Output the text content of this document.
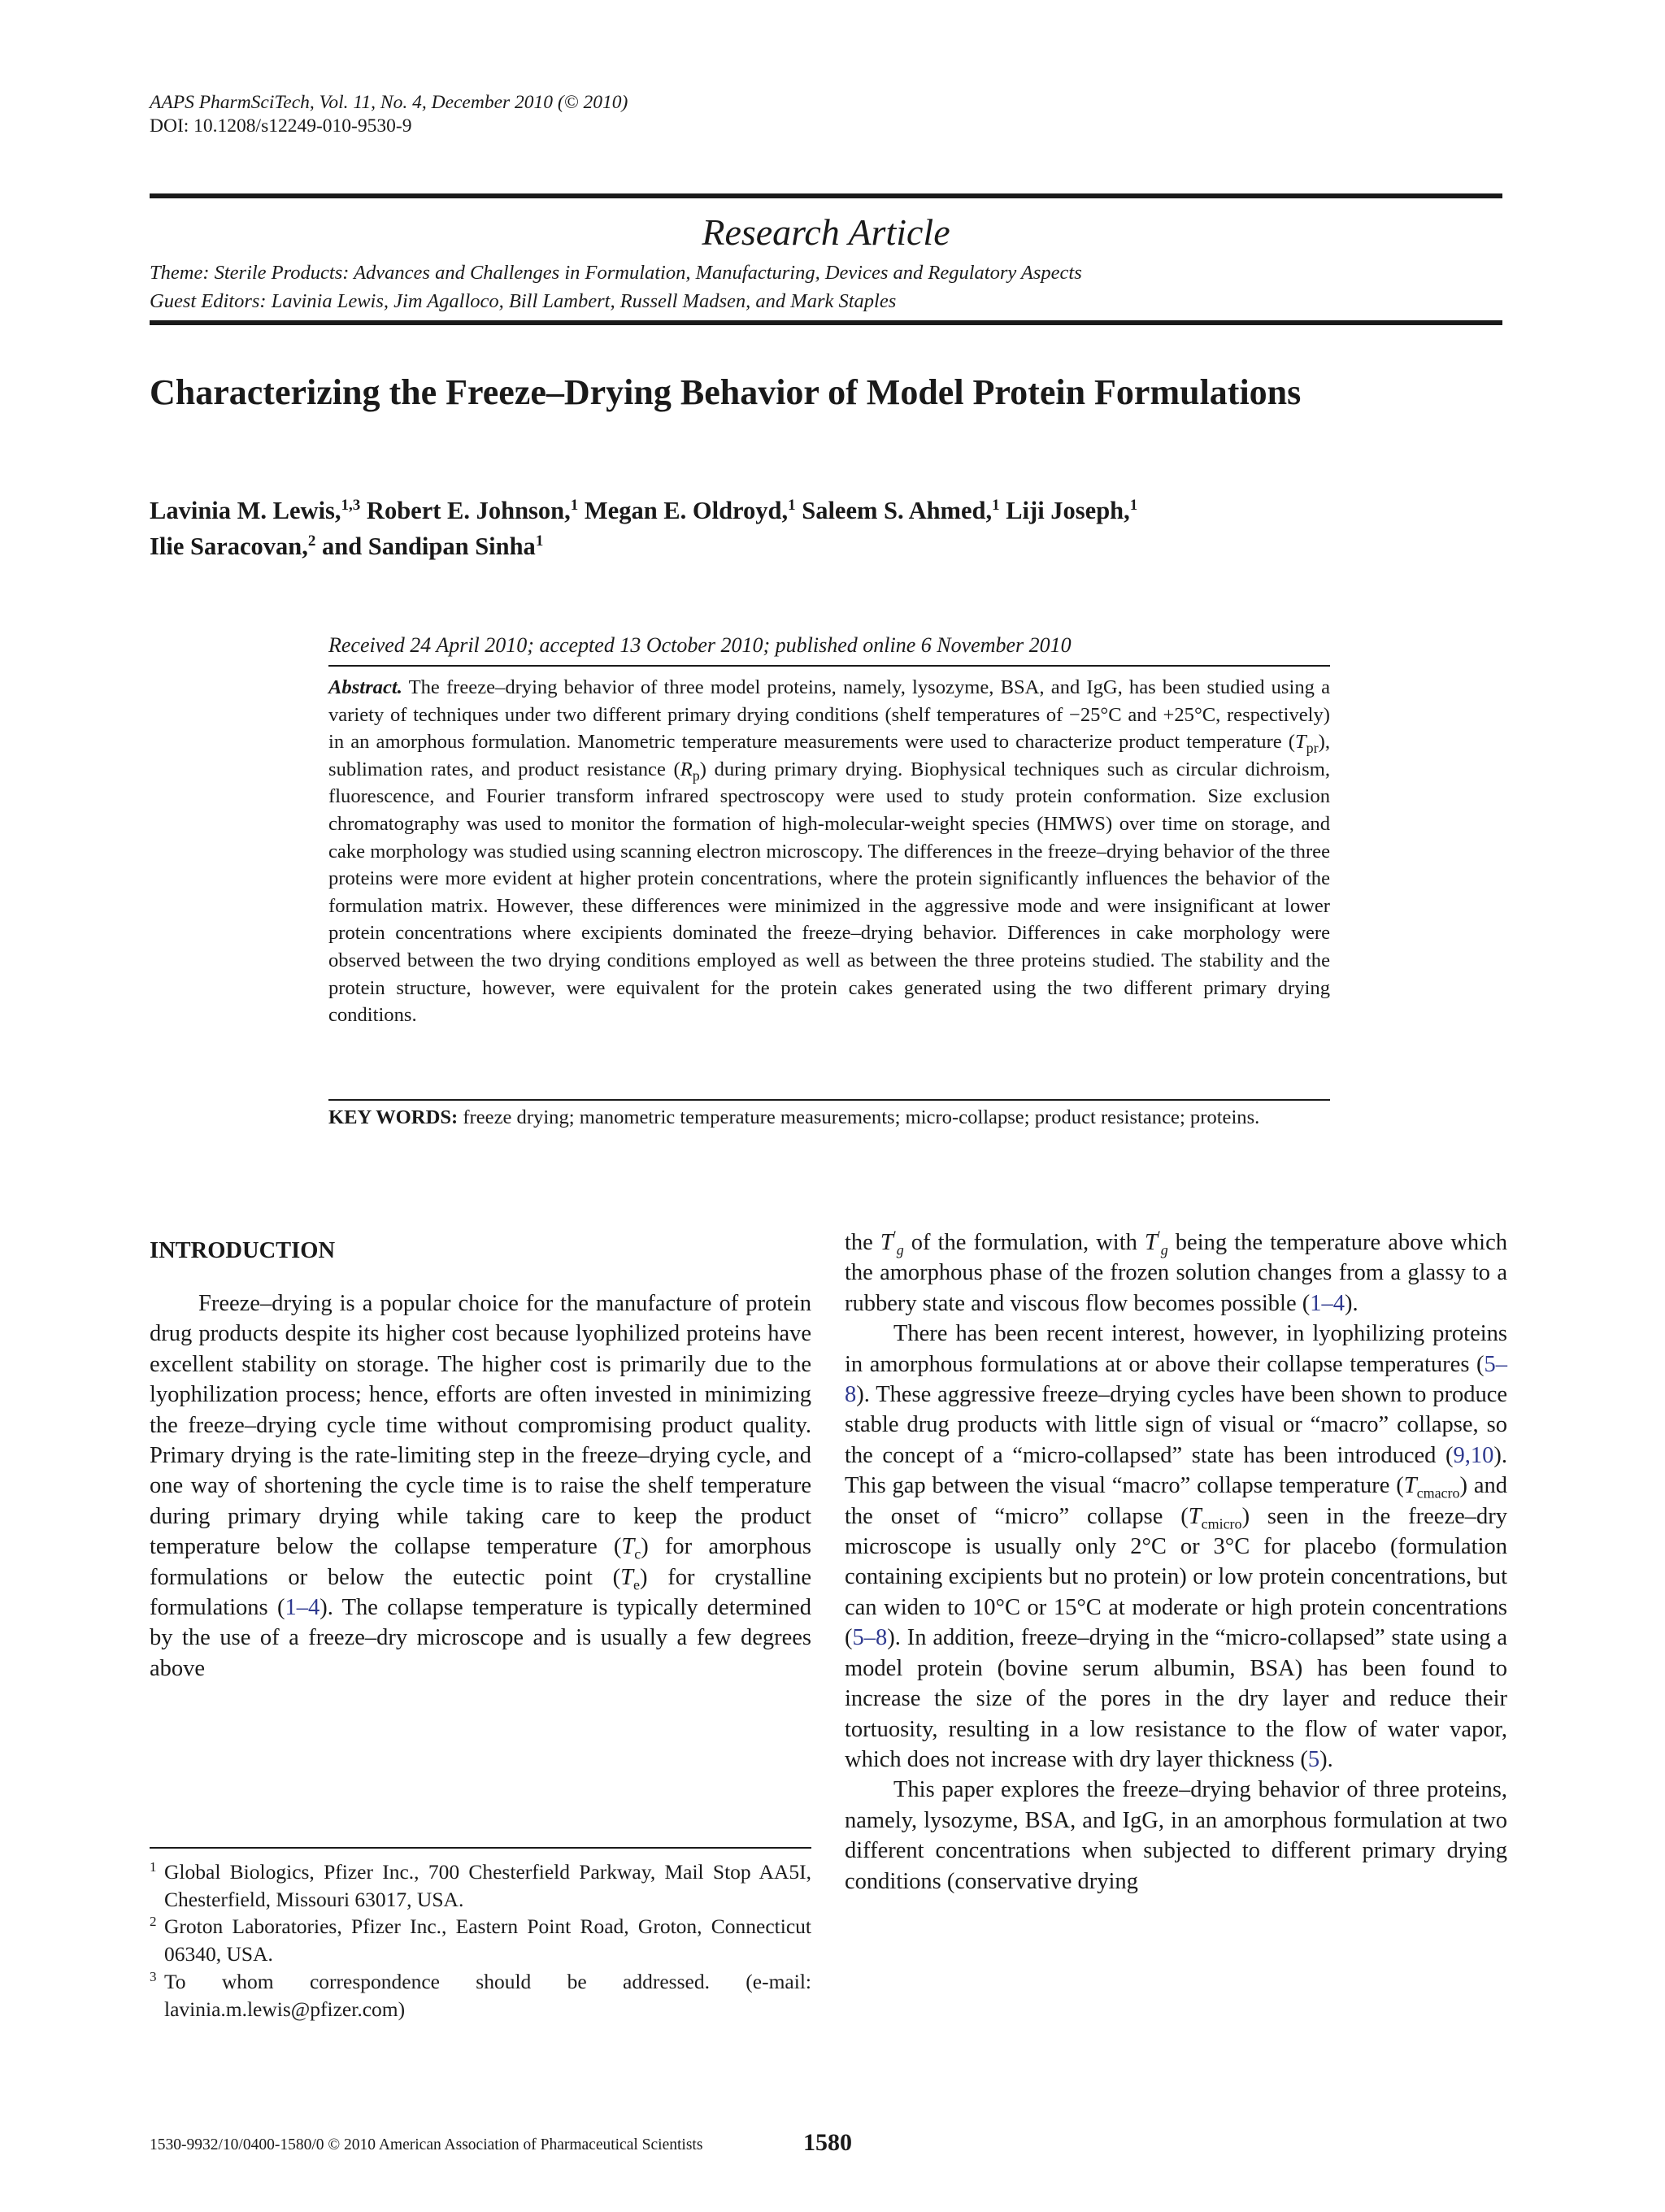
AAPS PharmSciTech, Vol. 11, No. 4, December 2010 (© 2010)
DOI: 10.1208/s12249-010-9530-9
Research Article
Theme: Sterile Products: Advances and Challenges in Formulation, Manufacturing, Devices and Regulatory Aspects
Guest Editors: Lavinia Lewis, Jim Agalloco, Bill Lambert, Russell Madsen, and Mark Staples
Characterizing the Freeze–Drying Behavior of Model Protein Formulations
Lavinia M. Lewis,$^{1,3}$ Robert E. Johnson,$^1$ Megan E. Oldroyd,$^1$ Saleem S. Ahmed,$^1$ Liji Joseph,$^1$
Ilie Saracovan,$^2$ and Sandipan Sinha$^1$
Received 24 April 2010; accepted 13 October 2010; published online 6 November 2010
Abstract. The freeze–drying behavior of three model proteins, namely, lysozyme, BSA, and IgG, has been studied using a variety of techniques under two different primary drying conditions (shelf temperatures of −25°C and +25°C, respectively) in an amorphous formulation. Manometric temperature measurements were used to characterize product temperature $(T_{pr})$, sublimation rates, and product resistance $(R_p)$ during primary drying. Biophysical techniques such as circular dichroism, fluorescence, and Fourier transform infrared spectroscopy were used to study protein conformation. Size exclusion chromatography was used to monitor the formation of high-molecular-weight species (HMWS) over time on storage, and cake morphology was studied using scanning electron microscopy. The differences in the freeze–drying behavior of the three proteins were more evident at higher protein concentrations, where the protein significantly influences the behavior of the formulation matrix. However, these differences were minimized in the aggressive mode and were insignificant at lower protein concentrations where excipients dominated the freeze–drying behavior. Differences in cake morphology were observed between the two drying conditions employed as well as between the three proteins studied. The stability and the protein structure, however, were equivalent for the protein cakes generated using the two different primary drying conditions.
KEY WORDS: freeze drying; manometric temperature measurements; micro-collapse; product resistance; proteins.
INTRODUCTION

Freeze–drying is a popular choice for the manufacture of protein drug products despite its higher cost because lyophilized proteins have excellent stability on storage. The higher cost is primarily due to the lyophilization process; hence, efforts are often invested in minimizing the freeze–drying cycle time without compromising product quality. Primary drying is the rate-limiting step in the freeze–drying cycle, and one way of shortening the cycle time is to raise the shelf temperature during primary drying while taking care to keep the product temperature below the collapse temperature $(T_c)$ for amorphous formulations or below the eutectic point $(T_e)$ for crystalline formulations (1–4). The collapse temperature is typically determined by the use of a freeze–dry microscope and is usually a few degrees above

the $T'_g$ of the formulation, with $T'_g$ being the temperature above which the amorphous phase of the frozen solution changes from a glassy to a rubbery state and viscous flow becomes possible (1–4).

There has been recent interest, however, in lyophilizing proteins in amorphous formulations at or above their collapse temperatures (5–8). These aggressive freeze–drying cycles have been shown to produce stable drug products with little sign of visual or “macro” collapse, so the concept of a “micro-collapsed” state has been introduced (9,10). This gap between the visual “macro” collapse temperature $(T_{cmacro})$ and the onset of “micro” collapse $(T_{cmicro})$ seen in the freeze–dry microscope is usually only 2°C or 3°C for placebo (formulation containing excipients but no protein) or low protein concentrations, but can widen to 10°C or 15°C at moderate or high protein concentrations (5–8). In addition, freeze–drying in the “micro-collapsed” state using a model protein (bovine serum albumin, BSA) has been found to increase the size of the pores in the dry layer and reduce their tortuosity, resulting in a low resistance to the flow of water vapor, which does not increase with dry layer thickness (5).

This paper explores the freeze–drying behavior of three proteins, namely, lysozyme, BSA, and IgG, in an amorphous formulation at two different concentrations when subjected to different primary drying conditions (conservative drying

1 Global Biologics, Pfizer Inc., 700 Chesterfield Parkway, Mail Stop AA5I, Chesterfield, Missouri 63017, USA.
2 Groton Laboratories, Pfizer Inc., Eastern Point Road, Groton, Connecticut 06340, USA.
3 To whom correspondence should be addressed. (e-mail: lavinia.m.lewis@pfizer.com)
1530-9932/10/0400-1580/0 © 2010 American Association of Pharmaceutical Scientists	1580
